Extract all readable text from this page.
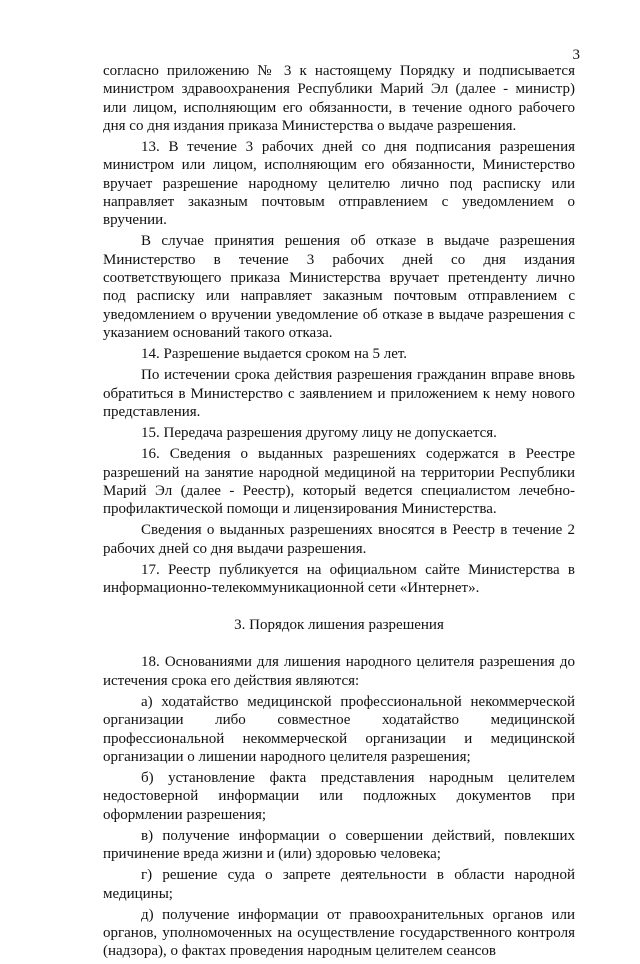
3

согласно приложению № 3 к настоящему Порядку и подписывается министром здравоохранения Республики Марий Эл (далее - министр) или лицом, исполняющим его обязанности, в течение одного рабочего дня со дня издания приказа Министерства о выдаче разрешения.

13. В течение 3 рабочих дней со дня подписания разрешения министром или лицом, исполняющим его обязанности, Министерство вручает разрешение народному целителю лично под расписку или направляет заказным почтовым отправлением с уведомлением о вручении.

В случае принятия решения об отказе в выдаче разрешения Министерство в течение 3 рабочих дней со дня издания соответствующего приказа Министерства вручает претенденту лично под расписку или направляет заказным почтовым отправлением с уведомлением о вручении уведомление об отказе в выдаче разрешения с указанием оснований такого отказа.

14. Разрешение выдается сроком на 5 лет.

По истечении срока действия разрешения гражданин вправе вновь обратиться в Министерство с заявлением и приложением к нему нового представления.

15. Передача разрешения другому лицу не допускается.

16. Сведения о выданных разрешениях содержатся в Реестре разрешений на занятие народной медициной на территории Республики Марий Эл (далее - Реестр), который ведется специалистом лечебно-профилактической помощи и лицензирования Министерства.

Сведения о выданных разрешениях вносятся в Реестр в течение 2 рабочих дней со дня выдачи разрешения.

17. Реестр публикуется на официальном сайте Министерства в информационно-телекоммуникационной сети «Интернет».

3. Порядок лишения разрешения

18. Основаниями для лишения народного целителя разрешения до истечения срока его действия являются:

а) ходатайство медицинской профессиональной некоммерческой организации либо совместное ходатайство медицинской профессиональной некоммерческой организации и медицинской организации о лишении народного целителя разрешения;

б) установление факта представления народным целителем недостоверной информации или подложных документов при оформлении разрешения;

в) получение информации о совершении действий, повлекших причинение вреда жизни и (или) здоровью человека;

г) решение суда о запрете деятельности в области народной медицины;

д) получение информации от правоохранительных органов или органов, уполномоченных на осуществление государственного контроля (надзора), о фактах проведения народным целителем сеансов
